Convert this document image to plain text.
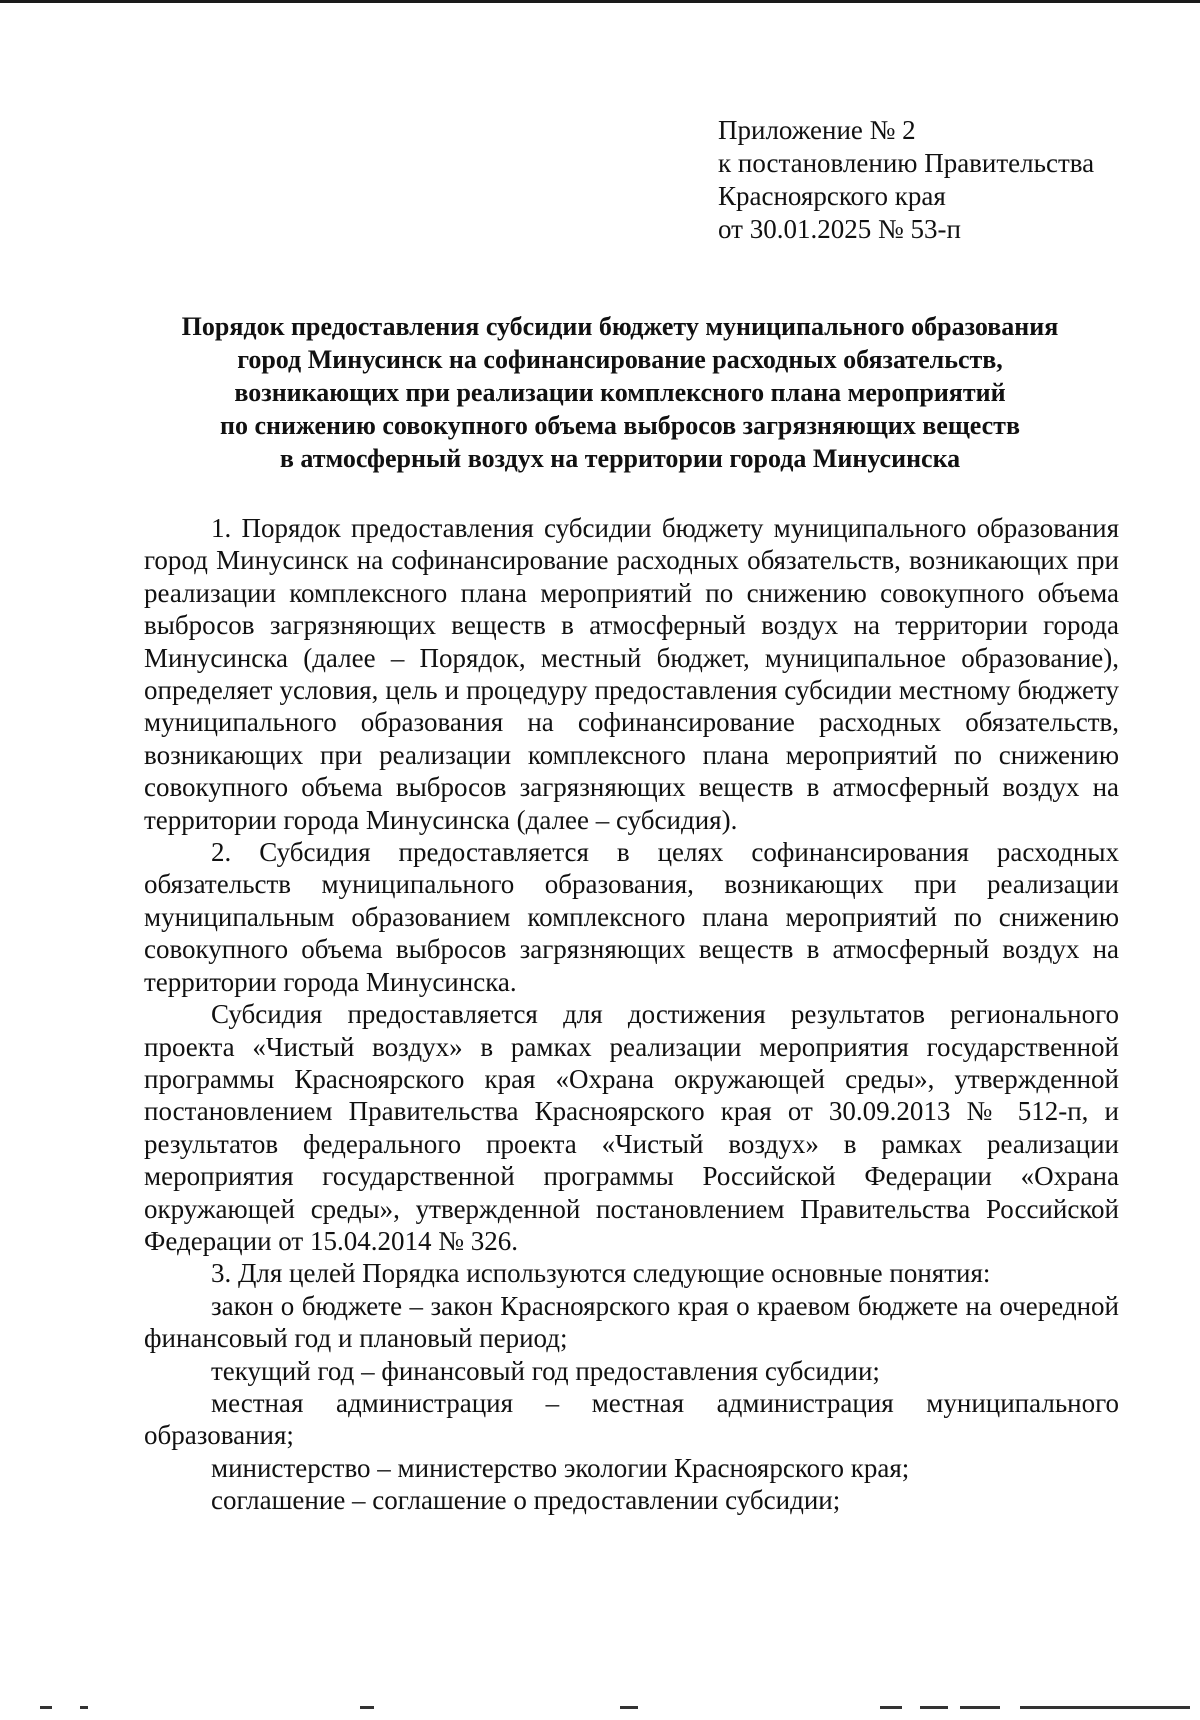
Приложение № 2
к постановлению Правительства
Красноярского края
от 30.01.2025 № 53-п
Порядок предоставления субсидии бюджету муниципального образования
город Минусинск на софинансирование расходных обязательств,
возникающих при реализации комплексного плана мероприятий
по снижению совокупного объема выбросов загрязняющих веществ
в атмосферный воздух на территории города Минусинска

1. Порядок предоставления субсидии бюджету муниципального образования город Минусинск на софинансирование расходных обязательств, возникающих при реализации комплексного плана мероприятий по снижению совокупного объема выбросов загрязняющих веществ в атмосферный воздух на территории города Минусинска (далее – Порядок, местный бюджет, муниципальное образование), определяет условия, цель и процедуру предоставления субсидии местному бюджету муниципального образования на софинансирование расходных обязательств, возникающих при реализации комплексного плана мероприятий по снижению совокупного объема выбросов загрязняющих веществ в атмосферный воздух на территории города Минусинска (далее – субсидия).

2. Субсидия предоставляется в целях софинансирования расходных обязательств муниципального образования, возникающих при реализации муниципальным образованием комплексного плана мероприятий по снижению совокупного объема выбросов загрязняющих веществ в атмосферный воздух на территории города Минусинска.

Субсидия предоставляется для достижения результатов регионального проекта «Чистый воздух» в рамках реализации мероприятия государственной программы Красноярского края «Охрана окружающей среды», утвержденной постановлением Правительства Красноярского края от 30.09.2013 № 512-п, и результатов федерального проекта «Чистый воздух» в рамках реализации мероприятия государственной программы Российской Федерации «Охрана окружающей среды», утвержденной постановлением Правительства Российской Федерации от 15.04.2014 № 326.

3. Для целей Порядка используются следующие основные понятия:

закон о бюджете – закон Красноярского края о краевом бюджете на очередной финансовый год и плановый период;

текущий год – финансовый год предоставления субсидии;

местная администрация – местная администрация муниципального образования;

министерство – министерство экологии Красноярского края;

соглашение – соглашение о предоставлении субсидии;
